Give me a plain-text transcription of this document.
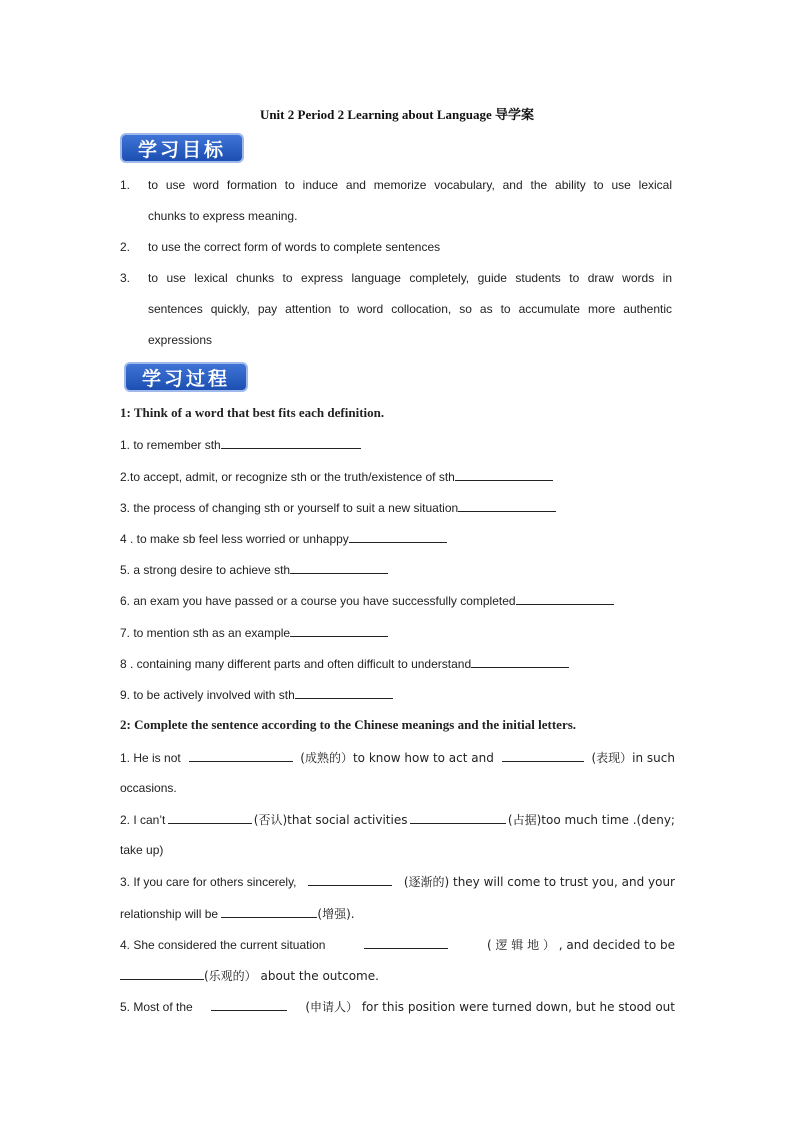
Unit 2 Period 2 Learning about Language 导学案
学习目标
1. to use word formation to induce and memorize vocabulary, and the ability to use lexical
chunks to express meaning.
2. to use the correct form of words to complete sentences
3. to use lexical chunks to express language completely, guide students to draw words in
sentences quickly, pay attention to word collocation, so as to accumulate more authentic
expressions
学习过程
1: Think of a word that best fits each definition.
1. to remember sth
2.to accept, admit, or recognize sth or the truth/existence of sth
3. the process of changing sth or yourself to suit a new situation
4 . to make sb feel less worried or unhappy
5. a strong desire to achieve sth
6. an exam you have passed or a course you have successfully completed
7. to mention sth as an example
8 . containing many different parts and often difficult to understand
9. to be actively involved with sth
2: Complete the sentence according to the Chinese meanings and the initial letters.
1. He is not	(成熟的）to know how to act and	(表现）in such
occasions.
2. I can’t	(否认)that social activities	(占据)too much time .(deny;
take up)
3. If you care for others sincerely,	(逐渐的) they will come to trust you, and your
relationship will be	(增强).
4. She considered the current situation	( 逻 辑 地 ） , and decided to be
(乐观的） about the outcome.
5. Most of the	(申请人） for this position were turned down, but he stood out
